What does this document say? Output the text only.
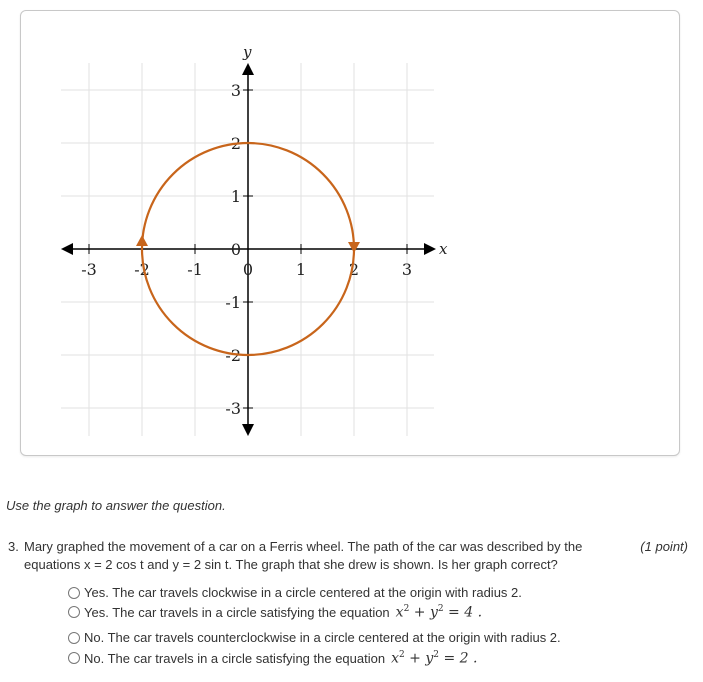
-3 -2 -1	0	1	2	3
3
2
1
0
-1
-2
-3
x
y
Use the graph to answer the question.
3. Mary graphed the movement of a car on a Ferris wheel. The path of the car was described by the equations x = 2 cos t and y = 2 sin t. The graph that she drew is shown. Is her graph correct?
(1 point)
Yes. The car travels clockwise in a circle centered at the origin with radius 2.
Yes. The car travels in a circle satisfying the equation $x^2 + y^2 = 4$ .
No. The car travels counterclockwise in a circle centered at the origin with radius 2.
No. The car travels in a circle satisfying the equation $x^2 + y^2 = 2$ .
